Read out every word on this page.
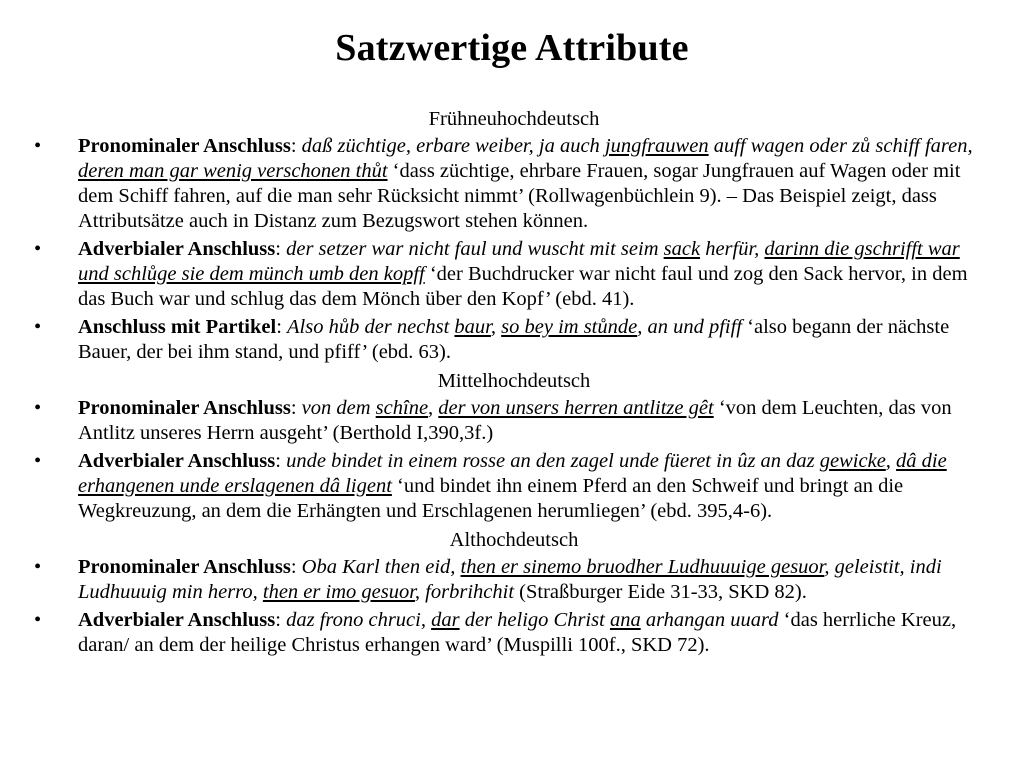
Satzwertige Attribute
Frühneuhochdeutsch
•	Pronominaler Anschluss: daß züchtige, erbare weiber, ja auch jungfrauwen auff wagen oder zů schiff faren, deren man gar wenig verschonen thůt ‘dass züchtige, ehrbare Frauen, sogar Jungfrauen auf Wagen oder mit dem Schiff fahren, auf die man sehr Rücksicht nimmt’ (Rollwagenbüchlein 9). – Das Beispiel zeigt, dass Attributsätze auch in Distanz zum Bezugswort stehen können.
•	Adverbialer Anschluss: der setzer war nicht faul und wuscht mit seim sack herfür, darinn die gschrifft war und schlůge sie dem münch umb den kopff ‘der Buchdrucker war nicht faul und zog den Sack hervor, in dem das Buch war und schlug das dem Mönch über den Kopf’ (ebd. 41).
•	Anschluss mit Partikel: Also hůb der nechst baur, so bey im stůnde, an und pfiff ‘also begann der nächste Bauer, der bei ihm stand, und pfiff’ (ebd. 63).
Mittelhochdeutsch
•	Pronominaler Anschluss: von dem schîne, der von unsers herren antlitze gêt ‘von dem Leuchten, das von Antlitz unseres Herrn ausgeht’ (Berthold I,390,3f.)
•	Adverbialer Anschluss: unde bindet in einem rosse an den zagel unde füeret in ûz an daz gewicke, dâ die erhangenen unde erslagenen dâ ligent ‘und bindet ihn einem Pferd an den Schweif und bringt an die Wegkreuzung, an dem die Erhängten und Erschlagenen herumliegen’ (ebd. 395,4-6).
Althochdeutsch
•	Pronominaler Anschluss: Oba Karl then eid, then er sinemo bruodher Ludhuuuige gesuor, geleistit, indi Ludhuuuig min herro, then er imo gesuor, forbrihchit (Straßburger Eide 31-33, SKD 82).
•	Adverbialer Anschluss: daz frono chruci, dar der heligo Christ ana arhangan uuard ‘das herrliche Kreuz, daran/ an dem der heilige Christus erhangen ward’ (Muspilli 100f., SKD 72).
